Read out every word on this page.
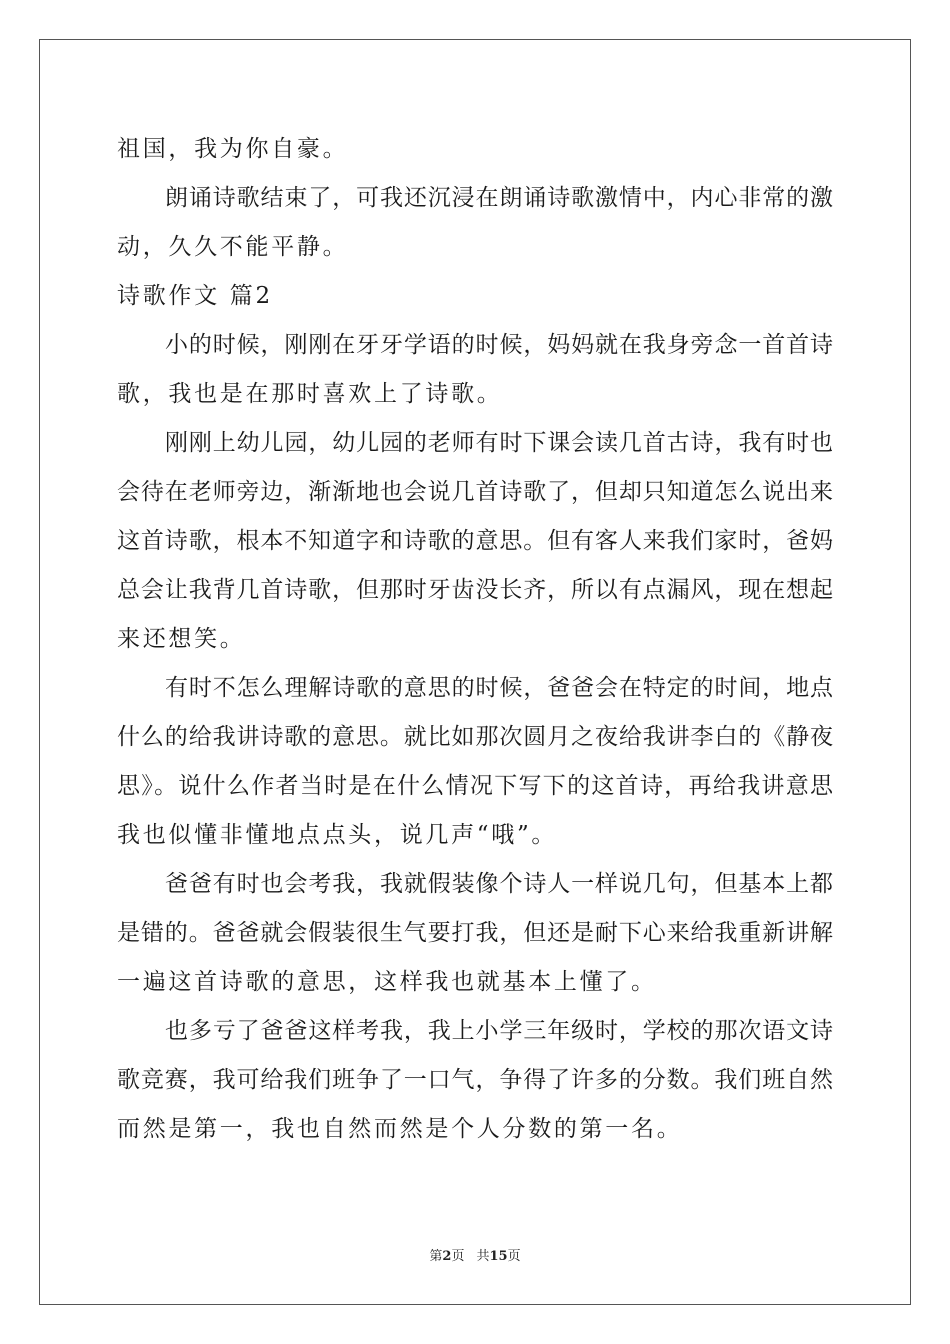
祖国，我为你自豪。
朗诵诗歌结束了，可我还沉浸在朗诵诗歌激情中，内心非常的激
动，久久不能平静。
诗歌作文 篇2
小的时候，刚刚在牙牙学语的时候，妈妈就在我身旁念一首首诗
歌，我也是在那时喜欢上了诗歌。
刚刚上幼儿园，幼儿园的老师有时下课会读几首古诗，我有时也
会待在老师旁边，渐渐地也会说几首诗歌了，但却只知道怎么说出来
这首诗歌，根本不知道字和诗歌的意思。但有客人来我们家时，爸妈
总会让我背几首诗歌，但那时牙齿没长齐，所以有点漏风，现在想起
来还想笑。
有时不怎么理解诗歌的意思的时候，爸爸会在特定的时间，地点
什么的给我讲诗歌的意思。就比如那次圆月之夜给我讲李白的《静夜
思》。说什么作者当时是在什么情况下写下的这首诗，再给我讲意思
我也似懂非懂地点点头，说几声“哦”。
爸爸有时也会考我，我就假装像个诗人一样说几句，但基本上都
是错的。爸爸就会假装很生气要打我，但还是耐下心来给我重新讲解
一遍这首诗歌的意思，这样我也就基本上懂了。
也多亏了爸爸这样考我，我上小学三年级时，学校的那次语文诗
歌竞赛，我可给我们班争了一口气，争得了许多的分数。我们班自然
而然是第一，我也自然而然是个人分数的第一名。
第2页 共15页
